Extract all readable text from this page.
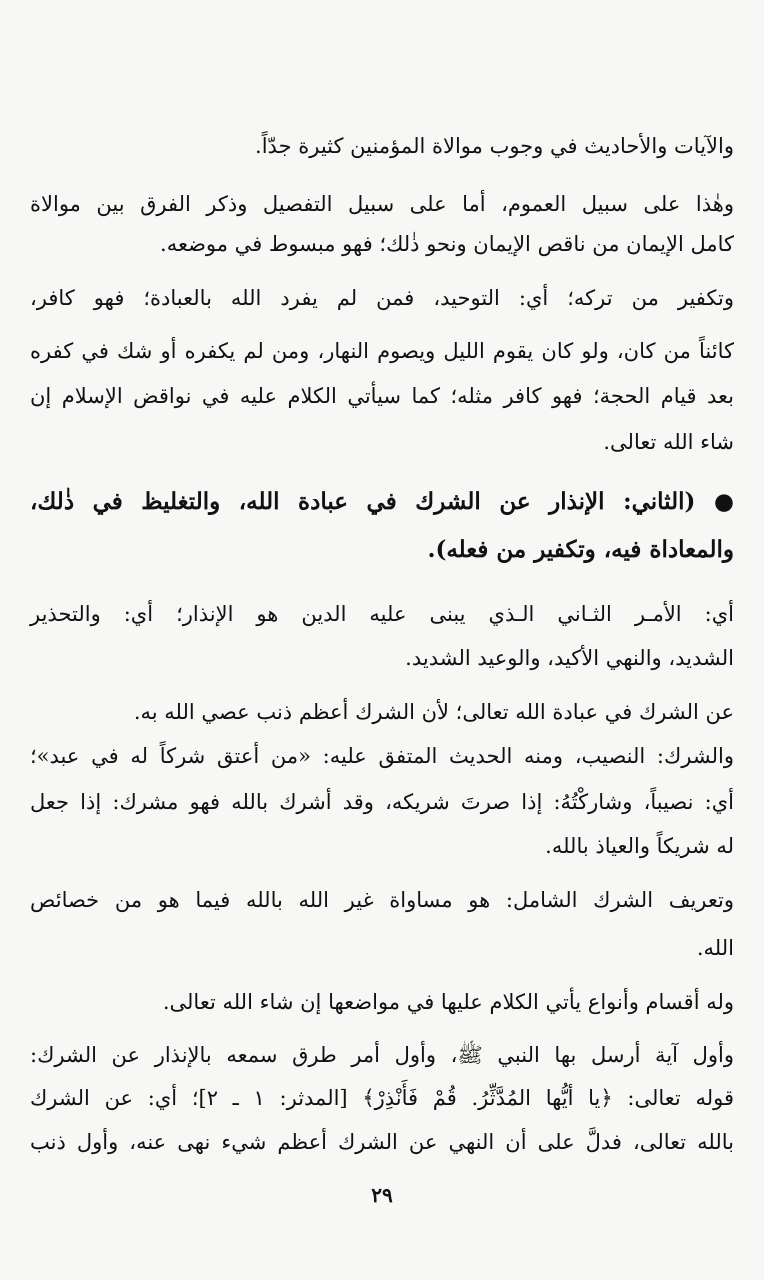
والآيات والأحاديث في وجوب موالاة المؤمنين كثيرة جدّاً.
وهٰذا على سبيل العموم، أما على سبيل التفصيل وذكر الفرق بين موالاة
كامل الإيمان من ناقص الإيمان ونحو ذٰلك؛ فهو مبسوط في موضعه.
وتكفير من تركه؛ أي: التوحيد، فمن لم يفرد الله بالعبادة؛ فهو كافر،
كائناً من كان، ولو كان يقوم الليل ويصوم النهار، ومن لم يكفره أو شك في كفره
بعد قيام الحجة؛ فهو كافر مثله؛ كما سيأتي الكلام عليه في نواقض الإسلام إن
شاء الله تعالى.
● (الثاني: الإنذار عن الشرك في عبادة الله، والتغليظ في ذٰلك،
والمعاداة فيه، وتكفير من فعله).
أي: الأمـر الثـاني الـذي يبنى عليه الدين هو الإنذار؛ أي: والتحذير
الشديد، والنهي الأكيد، والوعيد الشديد.
عن الشرك في عبادة الله تعالى؛ لأن الشرك أعظم ذنب عصي الله به.
والشرك: النصيب، ومنه الحديث المتفق عليه: «من أعتق شركاً له في عبد»؛
أي: نصيباً، وشاركْتُهُ: إذا صرتَ شريكه، وقد أشرك بالله فهو مشرك: إذا جعل
له شريكاً والعياذ بالله.
وتعريف الشرك الشامل: هو مساواة غير الله بالله فيما هو من خصائص
الله.
وله أقسام وأنواع يأتي الكلام عليها في مواضعها إن شاء الله تعالى.
وأول آية أرسل بها النبي ﷺ، وأول أمر طرق سمعه بالإنذار عن الشرك:
قوله تعالى: ﴿يا أيُّها المُدَّثِّرُ. قُمْ فَأَنْذِرْ﴾ [المدثر: ١ ـ ٢]؛ أي: عن الشرك
بالله تعالى، فدلَّ على أن النهي عن الشرك أعظم شيء نهى عنه، وأول ذنب
٢٩
